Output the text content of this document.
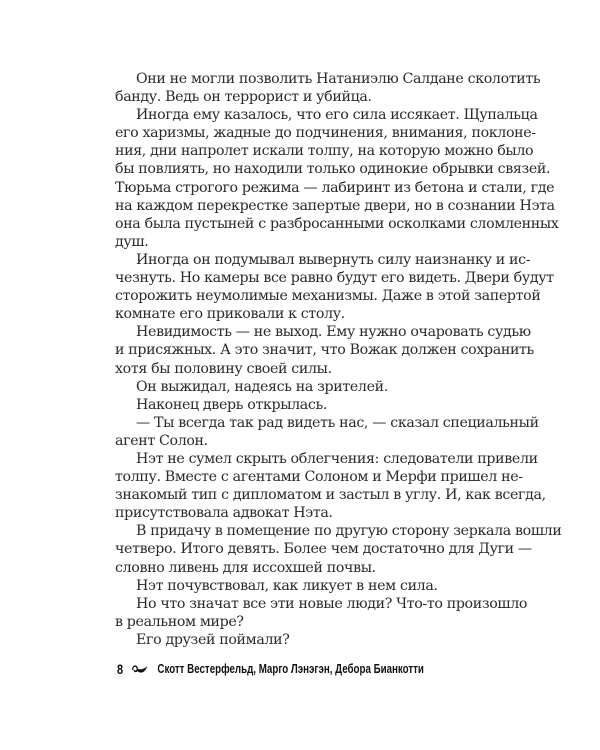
Они не могли позволить Натаниэлю Салдане сколотить
банду. Ведь он террорист и убийца.
Иногда ему казалось, что его сила иссякает. Щупальца
его харизмы, жадные до подчинения, внимания, поклоне-
ния, дни напролет искали толпу, на которую можно было
бы повлиять, но находили только одинокие обрывки связей.
Тюрьма строгого режима — лабиринт из бетона и стали, где
на каждом перекрестке запертые двери, но в сознании Нэта
она была пустыней с разбросанными осколками сломленных
душ.
Иногда он подумывал вывернуть силу наизнанку и ис-
чезнуть. Но камеры все равно будут его видеть. Двери будут
сторожить неумолимые механизмы. Даже в этой запертой
комнате его приковали к столу.
Невидимость — не выход. Ему нужно очаровать судью
и присяжных. А это значит, что Вожак должен сохранить
хотя бы половину своей силы.
Он выжидал, надеясь на зрителей.
Наконец дверь открылась.
— Ты всегда так рад видеть нас, — сказал специальный
агент Солон.
Нэт не сумел скрыть облегчения: следователи привели
толпу. Вместе с агентами Солоном и Мерфи пришел не-
знакомый тип с дипломатом и застыл в углу. И, как всегда,
присутствовала адвокат Нэта.
В придачу в помещение по другую сторону зеркала вошли
четверо. Итого девять. Более чем достаточно для Дуги —
словно ливень для иссохшей почвы.
Нэт почувствовал, как ликует в нем сила.
Но что значат все эти новые люди? Что-то произошло
в реальном мире?
Его друзей поймали?
8	Скотт Вестерфельд, Марго Лэнэгэн, Дебора Бианкотти
